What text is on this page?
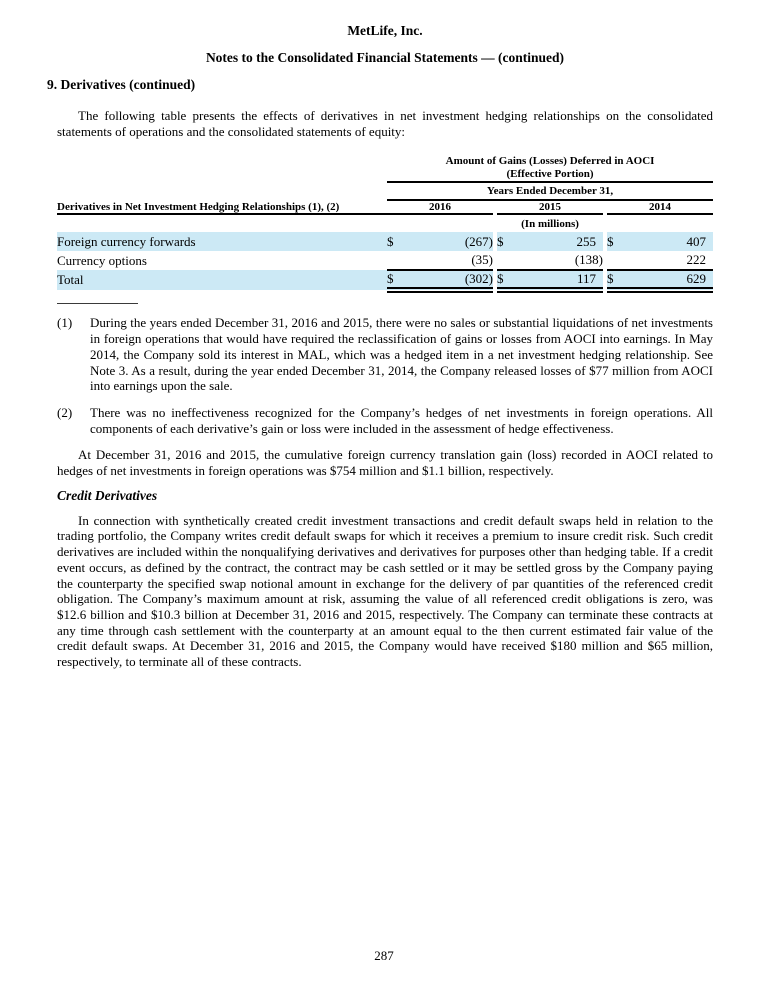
MetLife, Inc.
Notes to the Consolidated Financial Statements — (continued)
9. Derivatives (continued)

The following table presents the effects of derivatives in net investment hedging relationships on the consolidated statements of operations and the consolidated statements of equity:

	Amount of Gains (Losses) Deferred in AOCI
(Effective Portion)							

	Years Ended December 31,							
Derivatives in Net Investment Hedging Relationships (1), (2)	2016			2015			2014	
	(In millions)							
Foreign currency forwards	$	(267)		$	255		$	407
Currency options		(35)			(138)			222
Total	$	(302)		$	117		$	629
(1)	During the years ended December 31, 2016 and 2015, there were no sales or substantial liquidations of net investments in foreign operations that would have required the reclassification of gains or losses from AOCI into earnings. In May 2014, the Company sold its interest in MAL, which was a hedged item in a net investment hedging relationship. See Note 3. As a result, during the year ended December 31, 2014, the Company released losses of $77 million from AOCI into earnings upon the sale.
(2)	There was no ineffectiveness recognized for the Company’s hedges of net investments in foreign operations. All components of each derivative’s gain or loss were included in the assessment of hedge effectiveness.

At December 31, 2016 and 2015, the cumulative foreign currency translation gain (loss) recorded in AOCI related to hedges of net investments in foreign operations was $754 million and $1.1 billion, respectively.

Credit Derivatives

In connection with synthetically created credit investment transactions and credit default swaps held in relation to the trading portfolio, the Company writes credit default swaps for which it receives a premium to insure credit risk. Such credit derivatives are included within the nonqualifying derivatives and derivatives for purposes other than hedging table. If a credit event occurs, as defined by the contract, the contract may be cash settled or it may be settled gross by the Company paying the counterparty the specified swap notional amount in exchange for the delivery of par quantities of the referenced credit obligation. The Company’s maximum amount at risk, assuming the value of all referenced credit obligations is zero, was $12.6 billion and $10.3 billion at December 31, 2016 and 2015, respectively. The Company can terminate these contracts at any time through cash settlement with the counterparty at an amount equal to the then current estimated fair value of the credit default swaps. At December 31, 2016 and 2015, the Company would have received $180 million and $65 million, respectively, to terminate all of these contracts.

287
